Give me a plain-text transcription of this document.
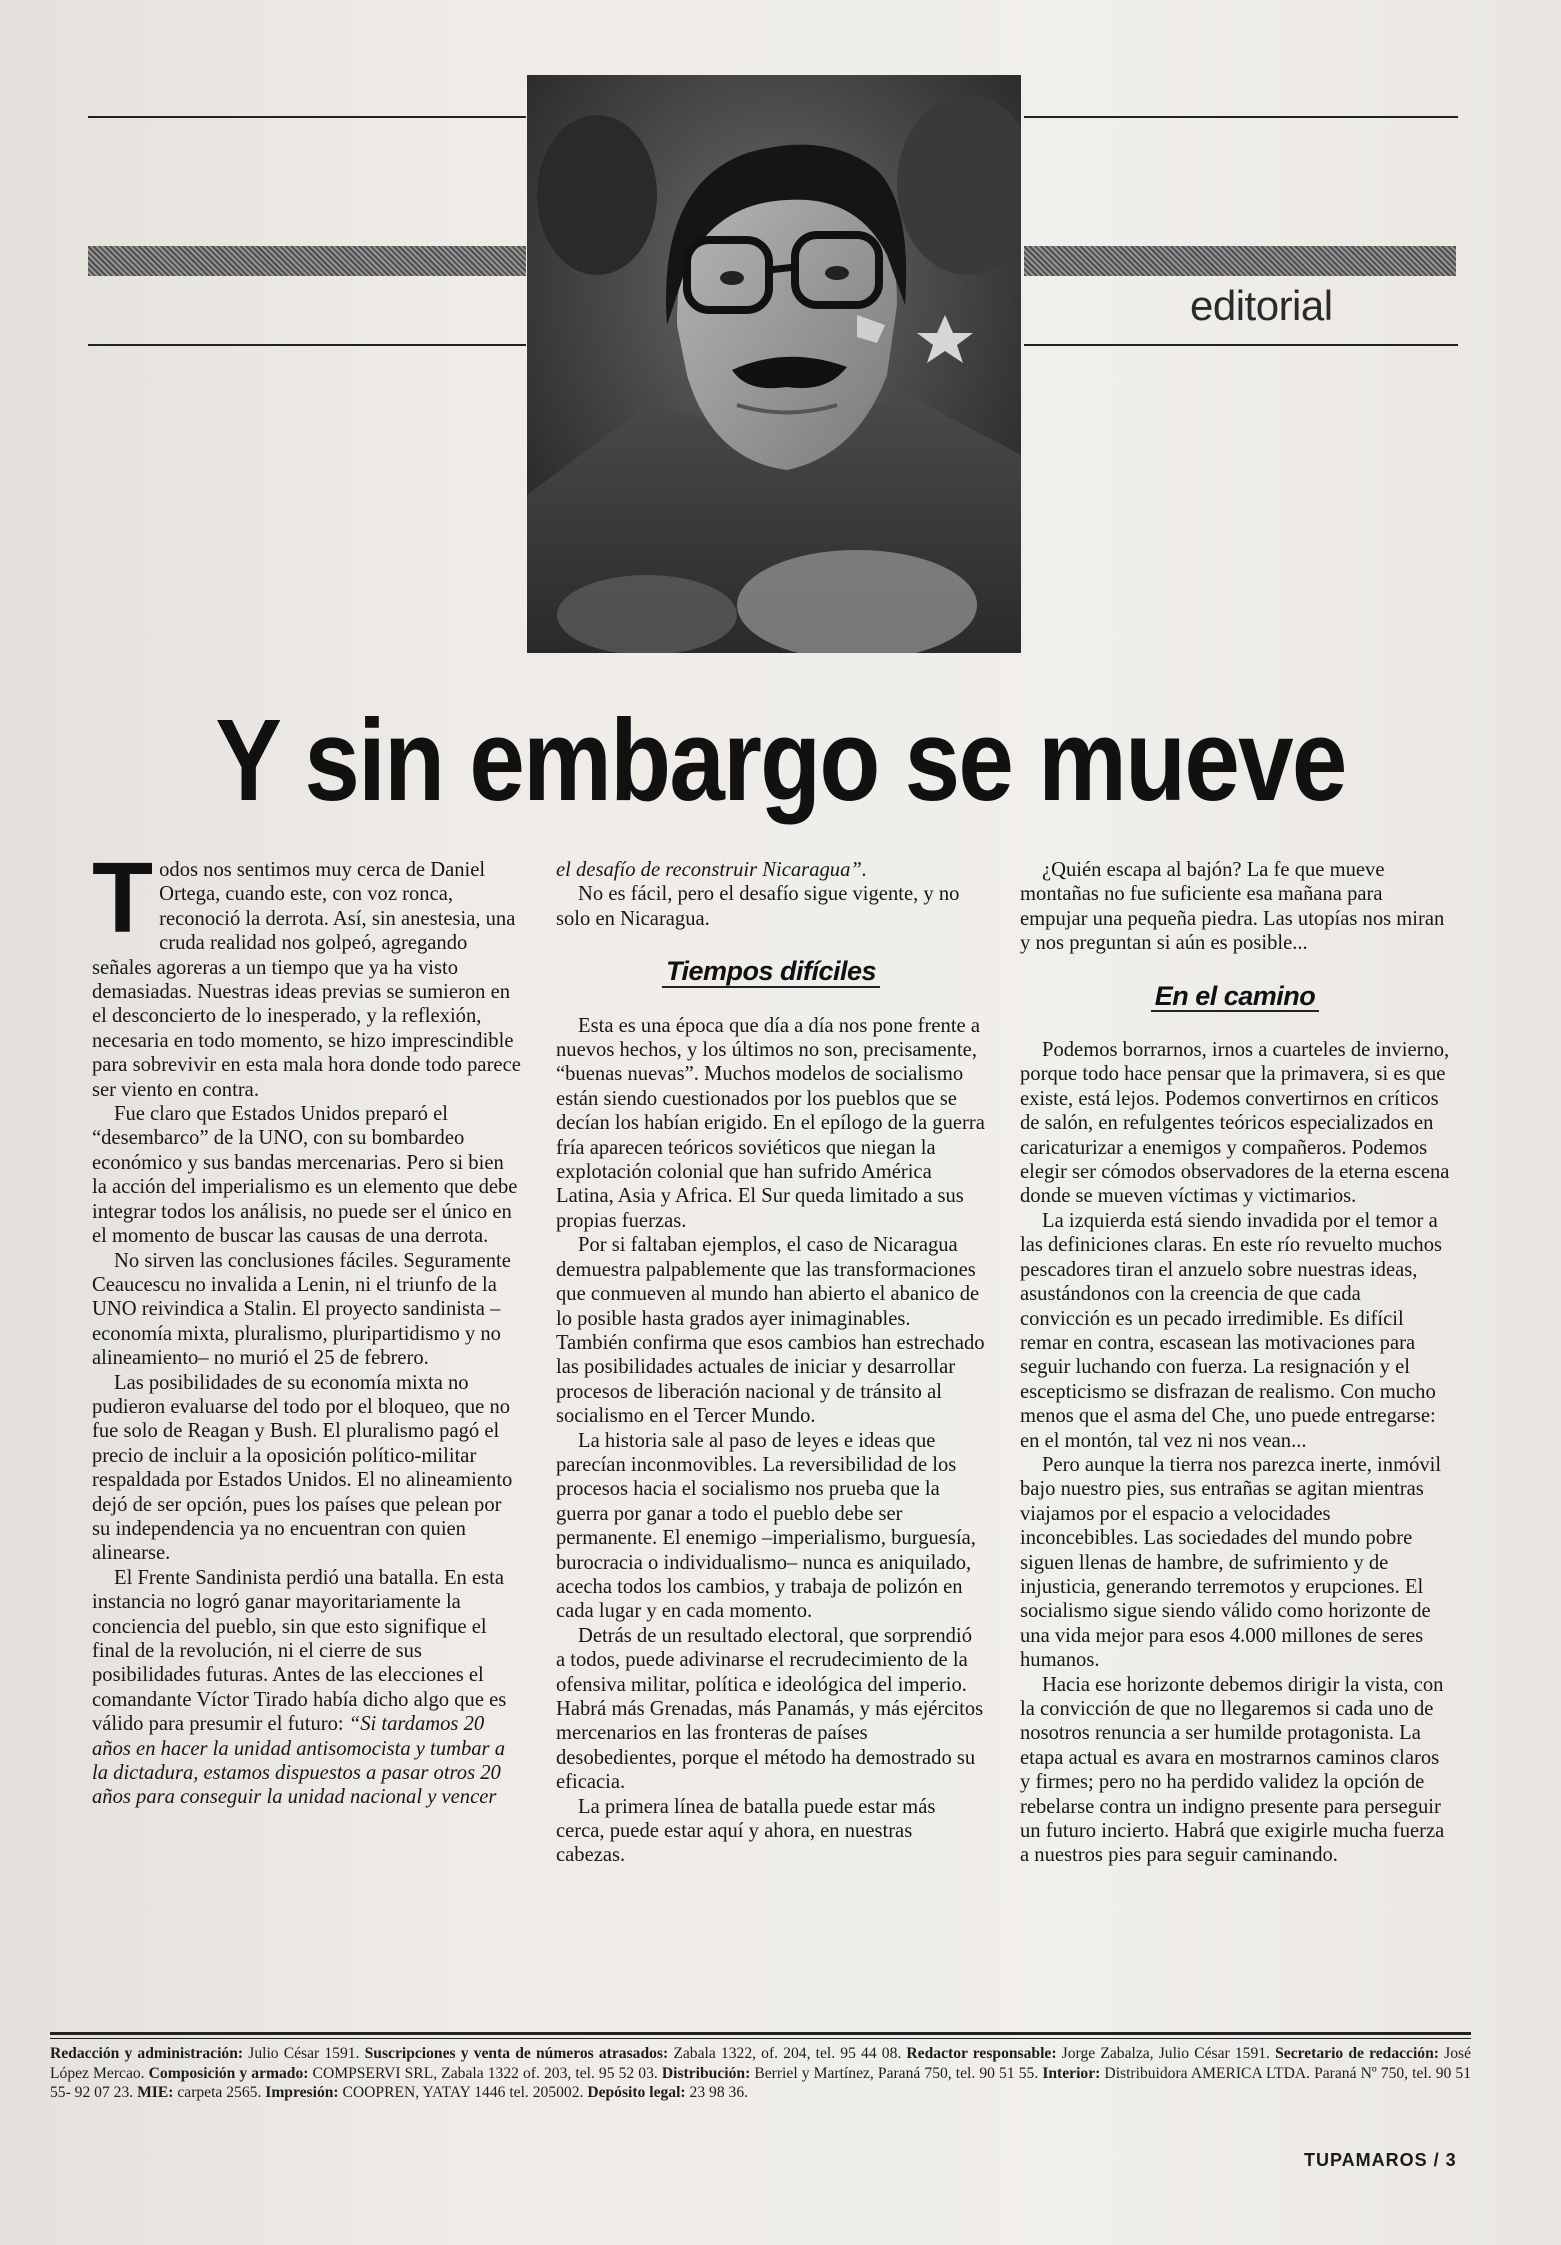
editorial
Y sin embargo se mueve

Todos nos sentimos muy cerca de Daniel Ortega, cuando este, con voz ronca, reconoció la derrota. Así, sin anestesia, una cruda realidad nos golpeó, agregando señales agoreras a un tiempo que ya ha visto demasiadas. Nuestras ideas previas se sumieron en el desconcierto de lo inesperado, y la reflexión, necesaria en todo momento, se hizo imprescindible para sobrevivir en esta mala hora donde todo parece ser viento en contra.

Fue claro que Estados Unidos preparó el “desembarco” de la UNO, con su bombardeo económico y sus bandas mercenarias. Pero si bien la acción del imperialismo es un elemento que debe integrar todos los análisis, no puede ser el único en el momento de buscar las causas de una derrota.

No sirven las conclusiones fáciles. Seguramente Ceaucescu no invalida a Lenin, ni el triunfo de la UNO reivindica a Stalin. El proyecto sandinista –economía mixta, pluralismo, pluripartidismo y no alineamiento– no murió el 25 de febrero.

Las posibilidades de su economía mixta no pudieron evaluarse del todo por el bloqueo, que no fue solo de Reagan y Bush. El pluralismo pagó el precio de incluir a la oposición político-militar respaldada por Estados Unidos. El no alineamiento dejó de ser opción, pues los países que pelean por su independencia ya no encuentran con quien alinearse.

El Frente Sandinista perdió una batalla. En esta instancia no logró ganar mayoritariamente la conciencia del pueblo, sin que esto signifique el final de la revolución, ni el cierre de sus posibilidades futuras. Antes de las elecciones el comandante Víctor Tirado había dicho algo que es válido para presumir el futuro: “Si tardamos 20 años en hacer la unidad antisomocista y tumbar a la dictadura, estamos dispuestos a pasar otros 20 años para conseguir la unidad nacional y vencer

el desafío de reconstruir Nicaragua”.

No es fácil, pero el desafío sigue vigente, y no solo en Nicaragua.

Tiempos difíciles

Esta es una época que día a día nos pone frente a nuevos hechos, y los últimos no son, precisamente, “buenas nuevas”. Muchos modelos de socialismo están siendo cuestionados por los pueblos que se decían los habían erigido. En el epílogo de la guerra fría aparecen teóricos soviéticos que niegan la explotación colonial que han sufrido América Latina, Asia y Africa. El Sur queda limitado a sus propias fuerzas.

Por si faltaban ejemplos, el caso de Nicaragua demuestra palpablemente que las transformaciones que conmueven al mundo han abierto el abanico de lo posible hasta grados ayer inimaginables. También confirma que esos cambios han estrechado las posibilidades actuales de iniciar y desarrollar procesos de liberación nacional y de tránsito al socialismo en el Tercer Mundo.

La historia sale al paso de leyes e ideas que parecían inconmovibles. La reversibilidad de los procesos hacia el socialismo nos prueba que la guerra por ganar a todo el pueblo debe ser permanente. El enemigo –imperialismo, burguesía, burocracia o individualismo– nunca es aniquilado, acecha todos los cambios, y trabaja de polizón en cada lugar y en cada momento.

Detrás de un resultado electoral, que sorprendió a todos, puede adivinarse el recrudecimiento de la ofensiva militar, política e ideológica del imperio. Habrá más Grenadas, más Panamás, y más ejércitos mercenarios en las fronteras de países desobedientes, porque el método ha demostrado su eficacia.

La primera línea de batalla puede estar más cerca, puede estar aquí y ahora, en nuestras cabezas.

¿Quién escapa al bajón? La fe que mueve montañas no fue suficiente esa mañana para empujar una pequeña piedra. Las utopías nos miran y nos preguntan si aún es posible...

En el camino

Podemos borrarnos, irnos a cuarteles de invierno, porque todo hace pensar que la primavera, si es que existe, está lejos. Podemos convertirnos en críticos de salón, en refulgentes teóricos especializados en caricaturizar a enemigos y compañeros. Podemos elegir ser cómodos observadores de la eterna escena donde se mueven víctimas y victimarios.

La izquierda está siendo invadida por el temor a las definiciones claras. En este río revuelto muchos pescadores tiran el anzuelo sobre nuestras ideas, asustándonos con la creencia de que cada convicción es un pecado irredimible. Es difícil remar en contra, escasean las motivaciones para seguir luchando con fuerza. La resignación y el escepticismo se disfrazan de realismo. Con mucho menos que el asma del Che, uno puede entregarse: en el montón, tal vez ni nos vean...

Pero aunque la tierra nos parezca inerte, inmóvil bajo nuestro pies, sus entrañas se agitan mientras viajamos por el espacio a velocidades inconcebibles. Las sociedades del mundo pobre siguen llenas de hambre, de sufrimiento y de injusticia, generando terremotos y erupciones. El socialismo sigue siendo válido como horizonte de una vida mejor para esos 4.000 millones de seres humanos.

Hacia ese horizonte debemos dirigir la vista, con la convicción de que no llegaremos si cada uno de nosotros renuncia a ser humilde protagonista. La etapa actual es avara en mostrarnos caminos claros y firmes; pero no ha perdido validez la opción de rebelarse contra un indigno presente para perseguir un futuro incierto. Habrá que exigirle mucha fuerza a nuestros pies para seguir caminando.

Redacción y administración: Julio César 1591. Suscripciones y venta de números atrasados: Zabala 1322, of. 204, tel. 95 44 08. Redactor responsable: Jorge Zabalza, Julio César 1591. Secretario de redacción: José López Mercao. Composición y armado: COMPSERVI SRL, Zabala 1322 of. 203, tel. 95 52 03. Distribución: Berriel y Martínez, Paraná 750, tel. 90 51 55. Interior: Distribuidora AMERICA LTDA. Paraná Nº 750, tel. 90 51 55- 92 07 23. MIE: carpeta 2565. Impresión: COOPREN, YATAY 1446 tel. 205002. Depósito legal: 23 98 36.
TUPAMAROS / 3
